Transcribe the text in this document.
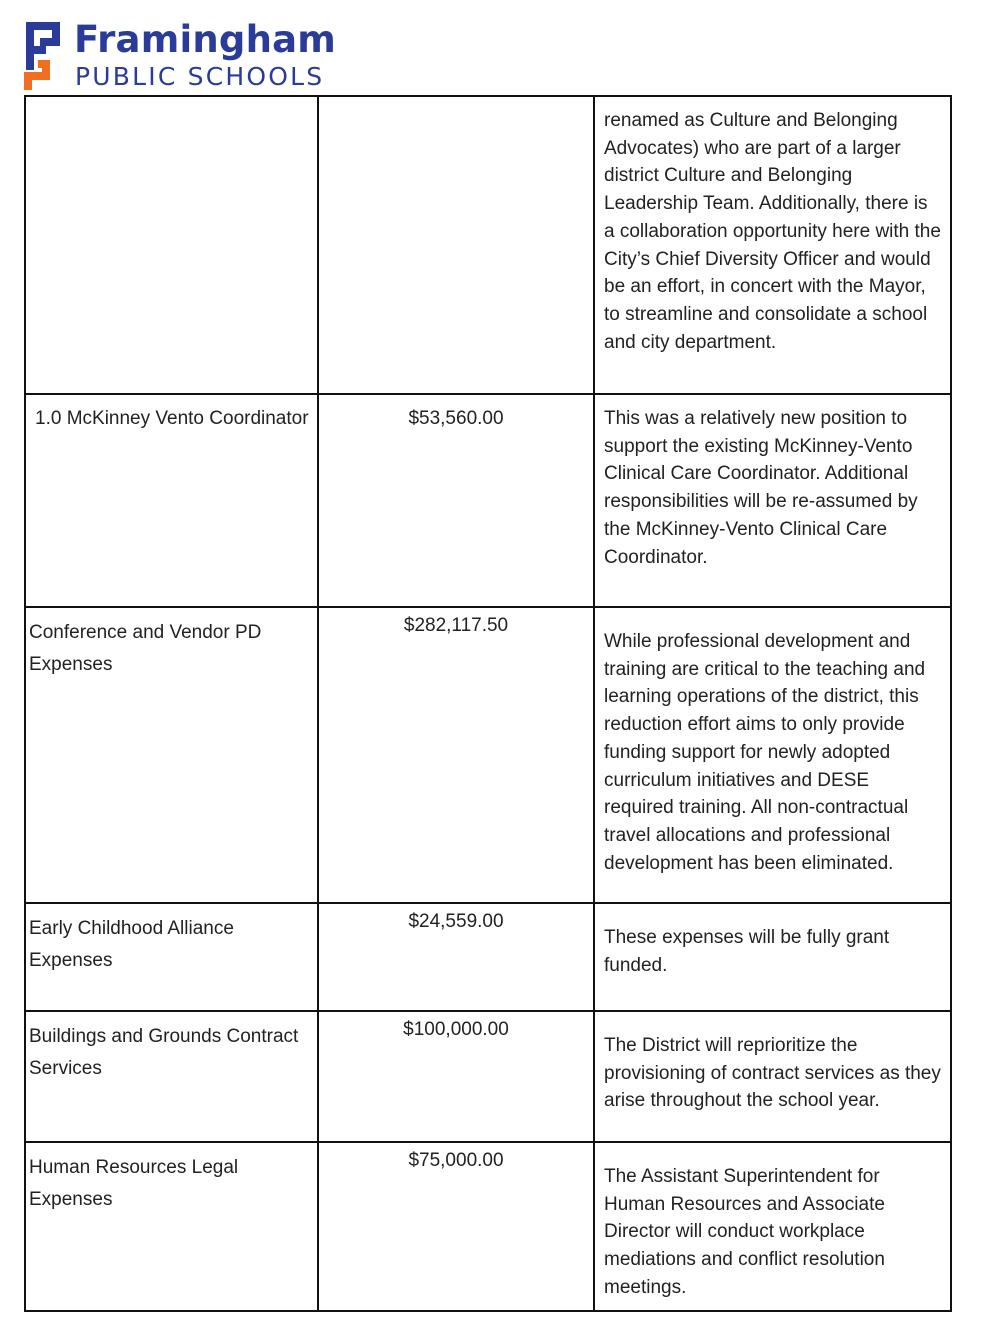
Framingham
PUBLIC SCHOOLS
		renamed as Culture and Belonging Advocates) who are part of a larger district Culture and Belonging Leadership Team. Additionally, there is a collaboration opportunity here with the City’s Chief Diversity Officer and would be an effort, in concert with the Mayor, to streamline and consolidate a school and city department.
1.0 McKinney Vento Coordinator	$53,560.00	This was a relatively new position to support the existing McKinney-Vento Clinical Care Coordinator. Additional responsibilities will be re-assumed by the McKinney-Vento Clinical Care Coordinator.
Conference and Vendor PD Expenses	$282,117.50	While professional development and training are critical to the teaching and learning operations of the district, this reduction effort aims to only provide funding support for newly adopted curriculum initiatives and DESE required training. All non-contractual travel allocations and professional development has been eliminated.
Early Childhood Alliance Expenses	$24,559.00	These expenses will be fully grant funded.
Buildings and Grounds Contract Services	$100,000.00	The District will reprioritize the provisioning of contract services as they arise throughout the school year.
Human Resources Legal Expenses	$75,000.00	The Assistant Superintendent for Human Resources and Associate Director will conduct workplace mediations and conflict resolution meetings.
